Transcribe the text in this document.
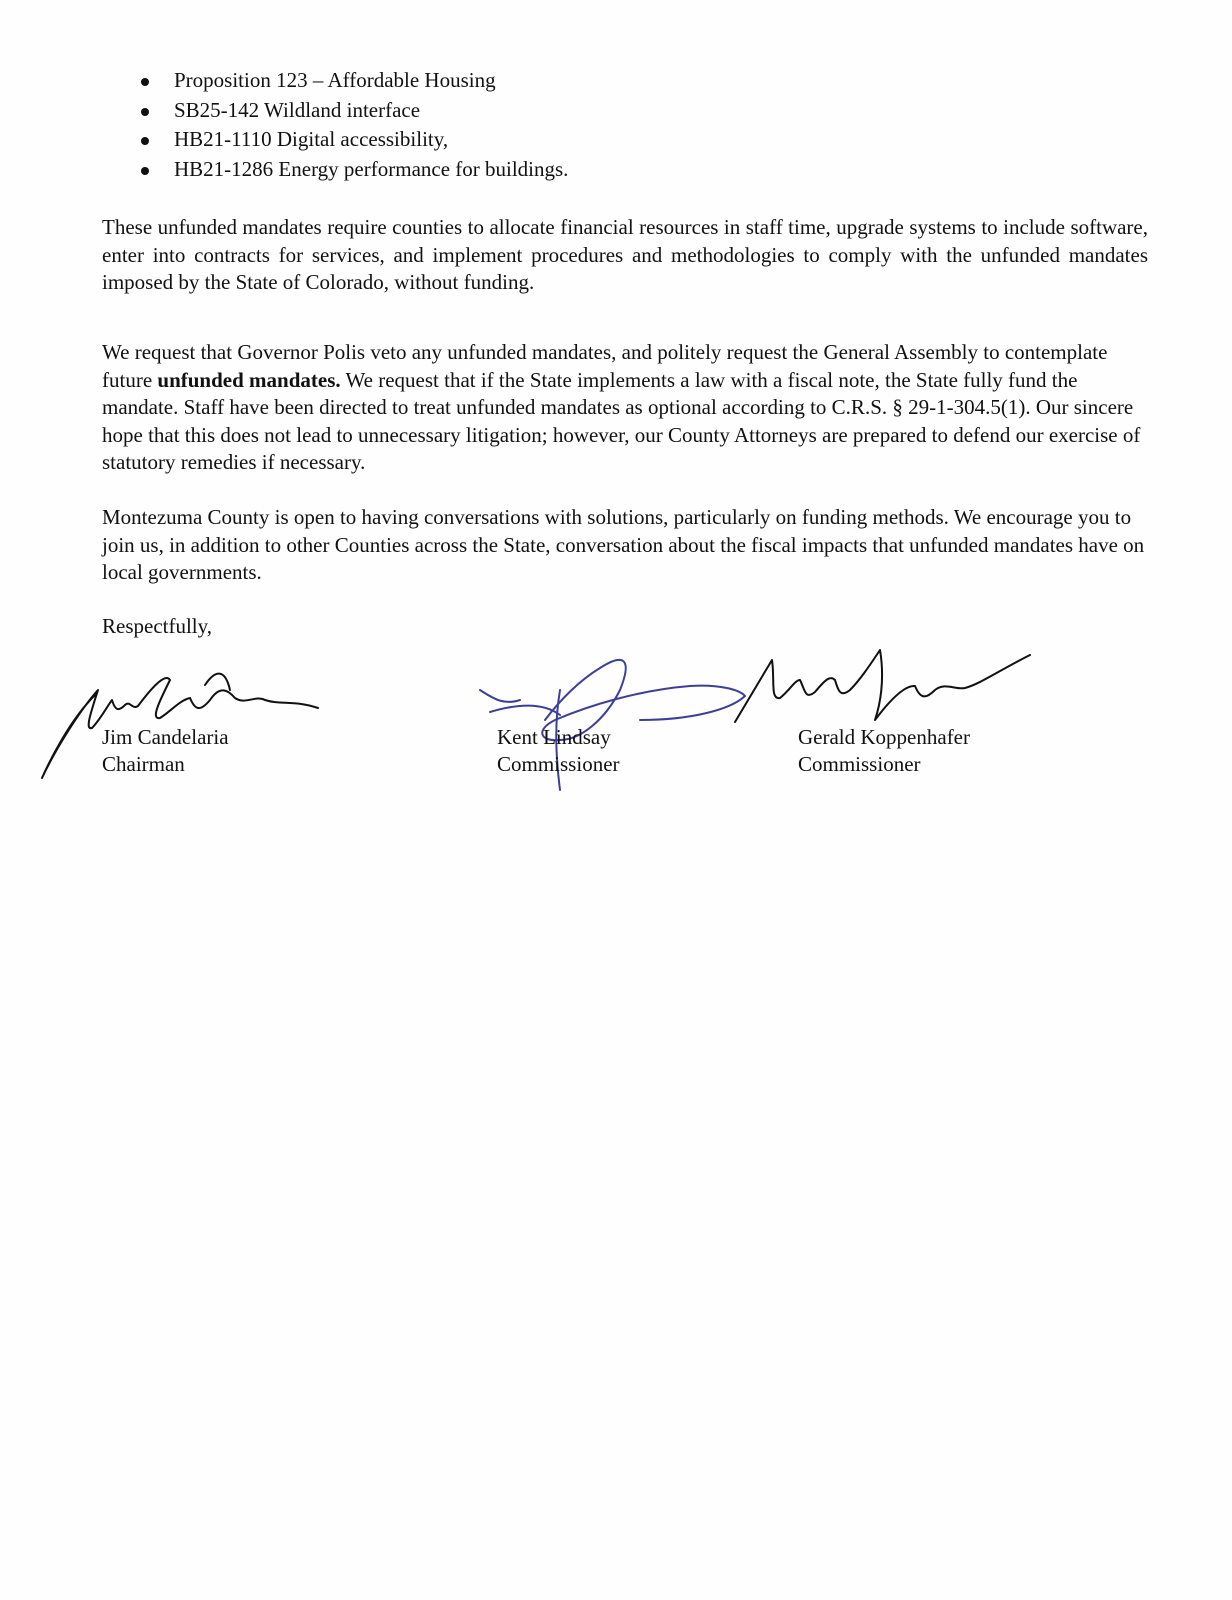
Proposition 123 – Affordable Housing
SB25-142 Wildland interface
HB21-1110 Digital accessibility,
HB21-1286 Energy performance for buildings.

These unfunded mandates require counties to allocate financial resources in staff time, upgrade systems to include software, enter into contracts for services, and implement procedures and methodologies to comply with the unfunded mandates imposed by the State of Colorado, without funding.

We request that Governor Polis veto any unfunded mandates, and politely request the General Assembly to contemplate future unfunded mandates. We request that if the State implements a law with a fiscal note, the State fully fund the mandate. Staff have been directed to treat unfunded mandates as optional according to C.R.S. § 29-1-304.5(1). Our sincere hope that this does not lead to unnecessary litigation; however, our County Attorneys are prepared to defend our exercise of statutory remedies if necessary.

Montezuma County is open to having conversations with solutions, particularly on funding methods. We encourage you to join us, in addition to other Counties across the State, conversation about the fiscal impacts that unfunded mandates have on local governments.

Respectfully,

Jim Candelaria
Chairman
Kent Lindsay
Commissioner
Gerald Koppenhafer
Commissioner
